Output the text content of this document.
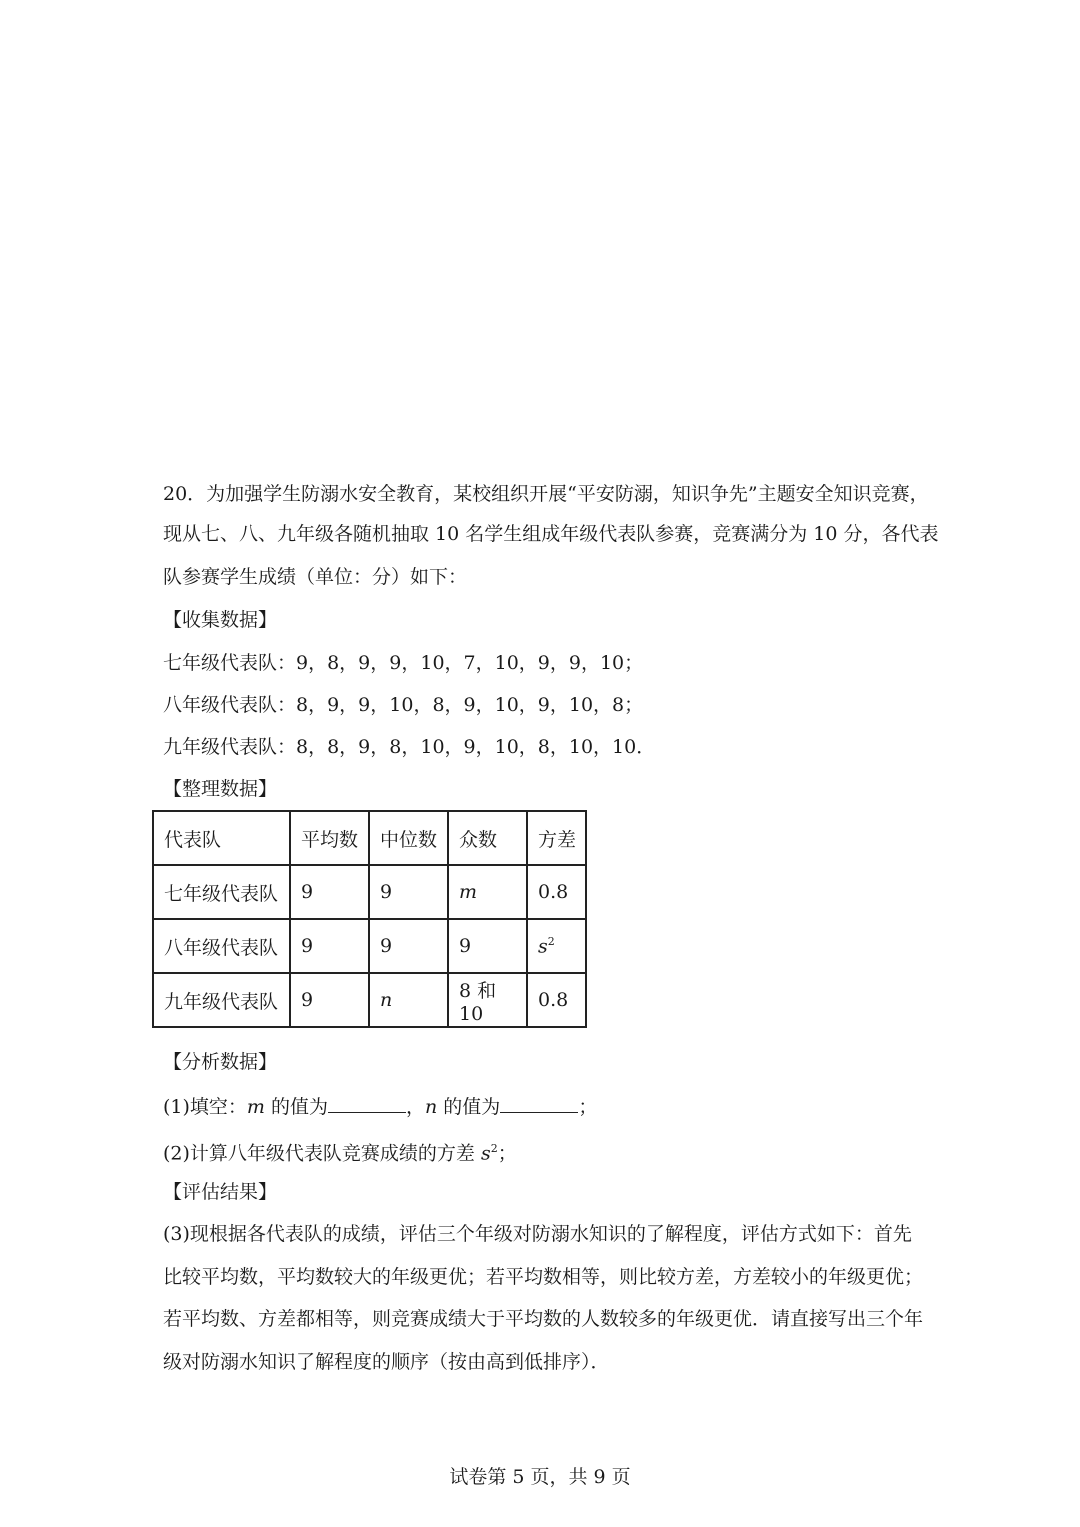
20．为加强学生防溺水安全教育，某校组织开展“平安防溺，知识争先”主题安全知识竞赛，
现从七、八、九年级各随机抽取 10 名学生组成年级代表队参赛，竞赛满分为 10 分，各代表
队参赛学生成绩（单位：分）如下：
【收集数据】
七年级代表队：9，8，9，9，10，7，10，9，9，10；
八年级代表队：8，9，9，10，8，9，10，9，10，8；
九年级代表队：8，8，9，8，10，9，10，8，10，10．
【整理数据】
代表队	平均数	中位数	众数	方差
七年级代表队	9	9	m	0.8
八年级代表队	9	9	9	$s^2$
九年级代表队	9	n	8 和 10	0.8
【分析数据】
(1)填空：m 的值为	，n 的值为	；
(2)计算八年级代表队竞赛成绩的方差 $s^2$；
【评估结果】
(3)现根据各代表队的成绩，评估三个年级对防溺水知识的了解程度，评估方式如下：首先
比较平均数，平均数较大的年级更优；若平均数相等，则比较方差，方差较小的年级更优；
若平均数、方差都相等，则竞赛成绩大于平均数的人数较多的年级更优．请直接写出三个年
级对防溺水知识了解程度的顺序（按由高到低排序）．
试卷第 5 页，共 9 页
